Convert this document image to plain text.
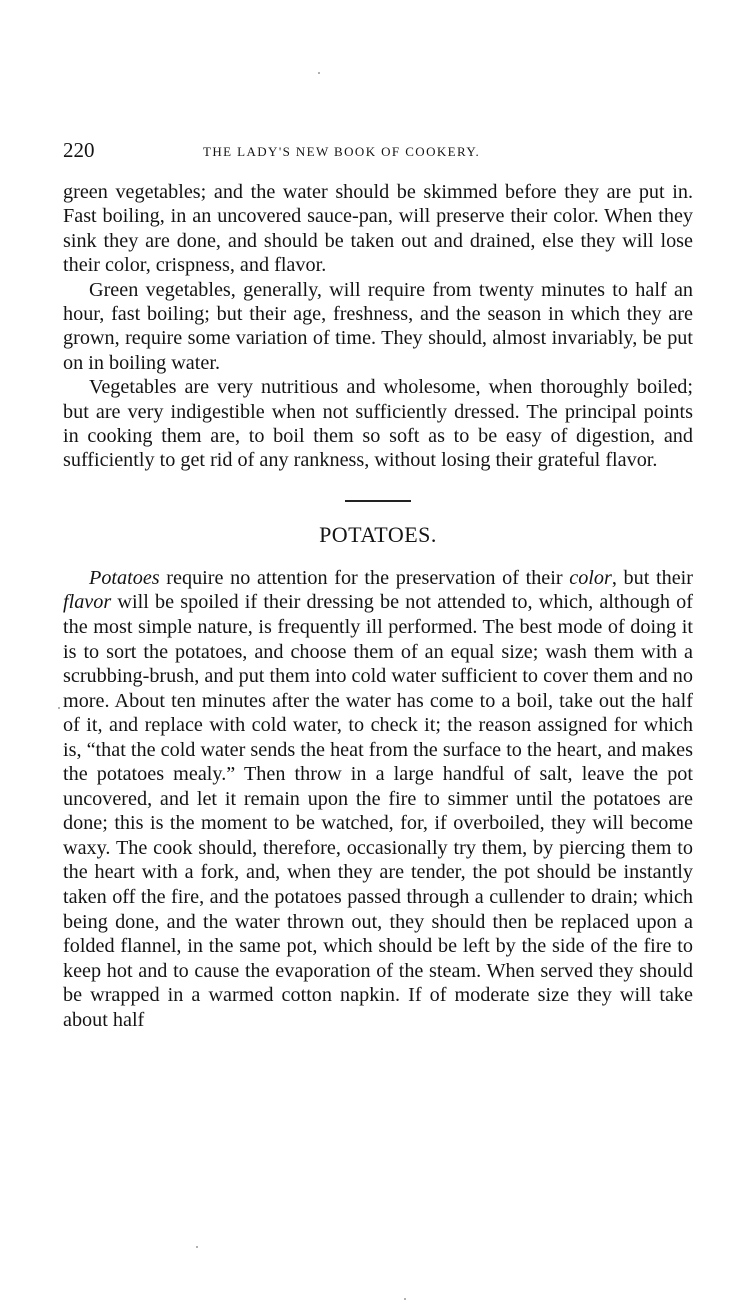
220	THE LADY'S NEW BOOK OF COOKERY.

green vegetables; and the water should be skimmed before they are put in. Fast boiling, in an uncovered sauce-pan, will preserve their color. When they sink they are done, and should be taken out and drained, else they will lose their color, crispness, and flavor.

Green vegetables, generally, will require from twenty minutes to half an hour, fast boiling; but their age, freshness, and the season in which they are grown, require some variation of time. They should, almost invariably, be put on in boiling water.

Vegetables are very nutritious and wholesome, when thoroughly boiled; but are very indigestible when not sufficiently dressed. The principal points in cooking them are, to boil them so soft as to be easy of digestion, and sufficiently to get rid of any rankness, without losing their grateful flavor.

POTATOES.

Potatoes require no attention for the preservation of their color, but their flavor will be spoiled if their dressing be not attended to, which, although of the most simple nature, is frequently ill performed. The best mode of doing it is to sort the potatoes, and choose them of an equal size; wash them with a scrubbing-brush, and put them into cold water sufficient to cover them and no more. About ten minutes after the water has come to a boil, take out the half of it, and replace with cold water, to check it; the reason assigned for which is, “that the cold water sends the heat from the surface to the heart, and makes the potatoes mealy.” Then throw in a large handful of salt, leave the pot uncovered, and let it remain upon the fire to simmer until the potatoes are done; this is the moment to be watched, for, if overboiled, they will become waxy. The cook should, therefore, occasionally try them, by piercing them to the heart with a fork, and, when they are tender, the pot should be instantly taken off the fire, and the potatoes passed through a cullender to drain; which being done, and the water thrown out, they should then be replaced upon a folded flannel, in the same pot, which should be left by the side of the fire to keep hot and to cause the evaporation of the steam. When served they should be wrapped in a warmed cotton napkin. If of moderate size they will take about half
